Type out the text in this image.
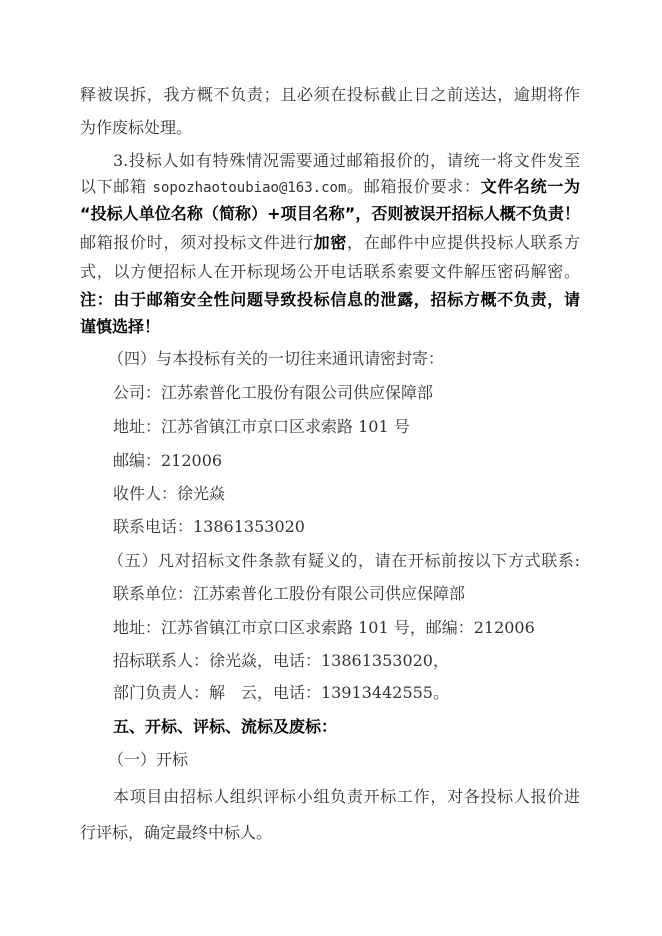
释被误拆，我方概不负责；且必须在投标截止日之前送达，逾期将作
为作废标处理。
3.投标人如有特殊情况需要通过邮箱报价的，请统一将文件发至
以下邮箱 sopozhaotoubiao@163.com。邮箱报价要求：文件名统一为
“投标人单位名称（简称）+项目名称”，否则被误开招标人概不负责！
邮箱报价时，须对投标文件进行加密，在邮件中应提供投标人联系方
式，以方便招标人在开标现场公开电话联系索要文件解压密码解密。
注：由于邮箱安全性问题导致投标信息的泄露，招标方概不负责，请
谨慎选择！
（四）与本投标有关的一切往来通讯请密封寄：
公司：江苏索普化工股份有限公司供应保障部
地址：江苏省镇江市京口区求索路 101 号
邮编：212006
收件人：徐光焱
联系电话：13861353020
（五）凡对招标文件条款有疑义的，请在开标前按以下方式联系:
联系单位：江苏索普化工股份有限公司供应保障部
地址：江苏省镇江市京口区求索路 101 号，邮编：212006
招标联系人：徐光焱，电话：13861353020，
部门负责人：解　云，电话：13913442555。
五、开标、评标、流标及废标：
（一）开标
本项目由招标人组织评标小组负责开标工作，对各投标人报价进
行评标，确定最终中标人。
